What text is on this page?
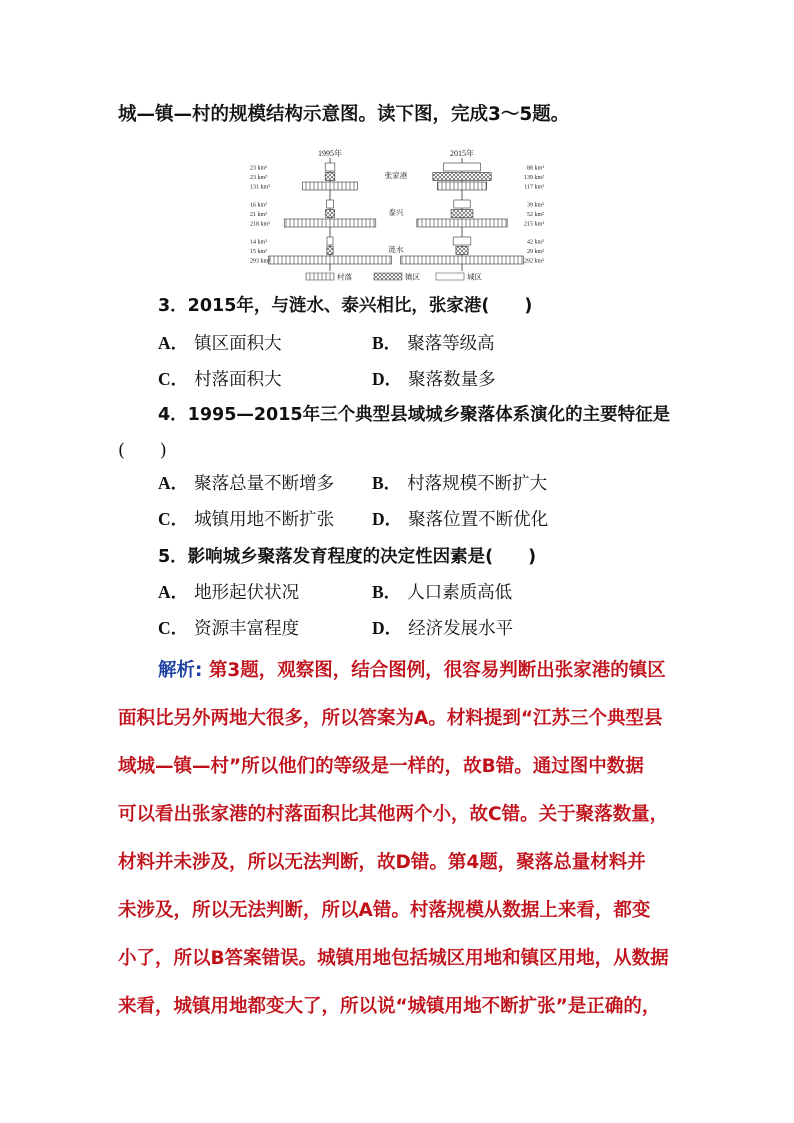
城—镇—村的规模结构示意图。读下图，完成3～5题。
1995年	2015年
张家港
23 km²
23 km²
131 km²
88 km²
139 km²
117 km²
泰兴
16 km²
21 km²
218 km²
39 km²
52 km²
215 km²
涟水
14 km²
15 km²
293 km²
42 km²
29 km²
292 km²
村落	镇区	城区
3．2015年，与涟水、泰兴相比，张家港(　　)
A． 镇区面积大	B． 聚落等级高
C． 村落面积大	D． 聚落数量多
4．1995—2015年三个典型县域城乡聚落体系演化的主要特征是
(　　)
A． 聚落总量不断增多 B． 村落规模不断扩大
C． 城镇用地不断扩张 D． 聚落位置不断优化
5．影响城乡聚落发育程度的决定性因素是(　　)
A． 地形起伏状况	B． 人口素质高低
C． 资源丰富程度	D． 经济发展水平
解析: 第3题，观察图，结合图例，很容易判断出张家港的镇区
面积比另外两地大很多，所以答案为A。材料提到“江苏三个典型县
域城—镇—村”所以他们的等级是一样的，故B错。通过图中数据
可以看出张家港的村落面积比其他两个小，故C错。关于聚落数量，
材料并未涉及，所以无法判断，故D错。第4题，聚落总量材料并
未涉及，所以无法判断，所以A错。村落规模从数据上来看，都变
小了，所以B答案错误。城镇用地包括城区用地和镇区用地，从数据
来看，城镇用地都变大了，所以说“城镇用地不断扩张”是正确的，
